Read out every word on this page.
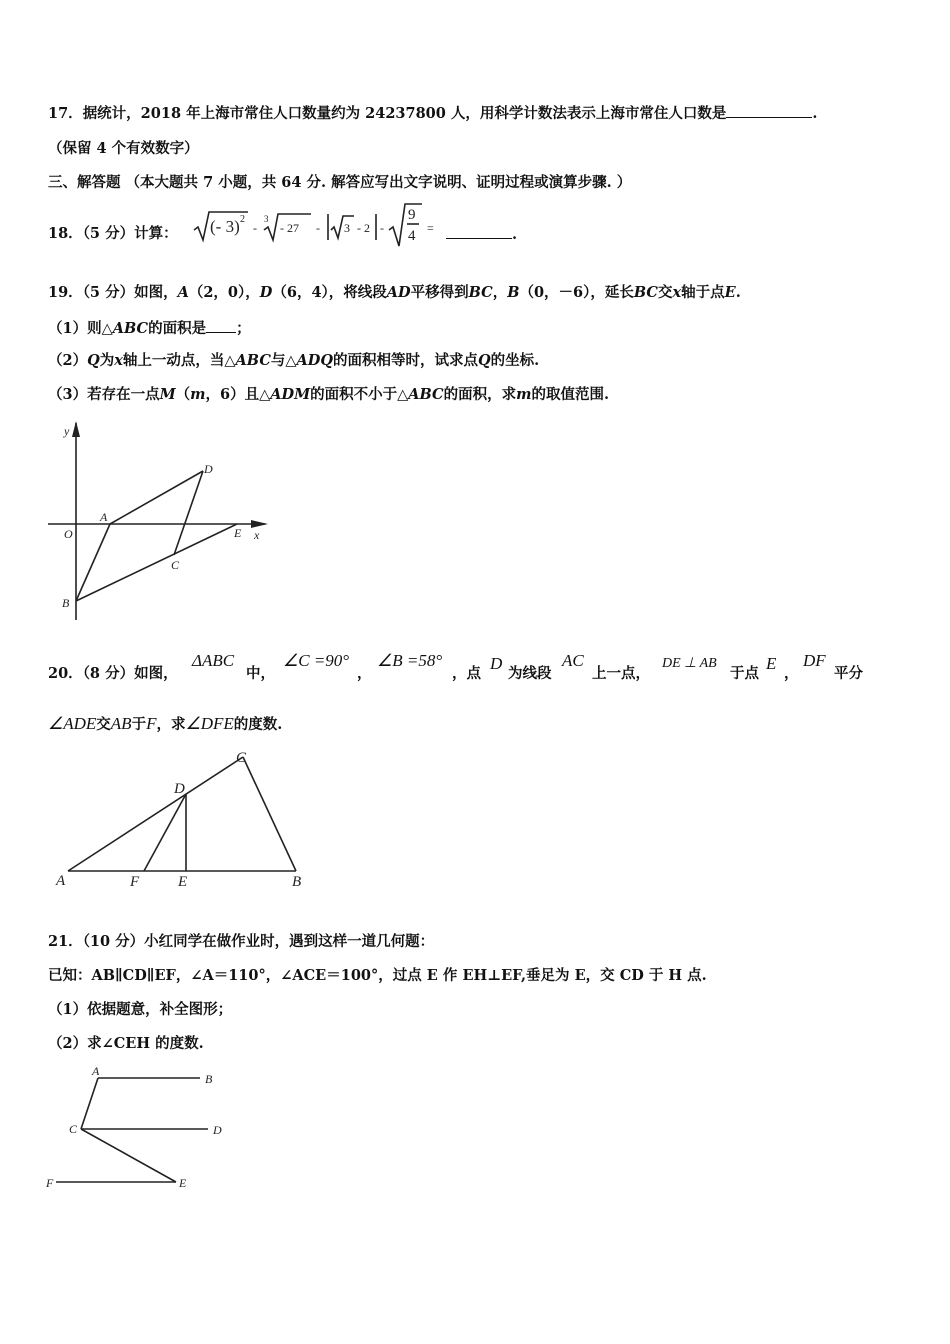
17．据统计，2018 年上海市常住人口数量约为 24237800 人，用科学计数法表示上海市常住人口数是	.
（保留 4 个有效数字）
三、解答题 （本大题共 7 小题，共 64 分. 解答应写出文字说明、证明过程或演算步骤. ）
18．（5 分）计算： (- 3) 2
-
3
- 27 - 3 - 2 -
9
4 =	.
19．（5 分）如图，A（2，0），D（6，4），将线段AD平移得到BC，B（0，－6），延长BC交x轴于点E.
（1）则△ABC的面积是 ；
（2）Q为x轴上一动点，当△ABC与△ADQ的面积相等时，试求点Q的坐标.
（3）若存在一点M（m，6）且△ADM的面积不小于△ABC的面积，求m的取值范围.
y
x
O
A
D
C
E
B
20．（8 分）如图，
ΔABC
中，
∠C =90°
，
∠B =58°
，点
D
为线段
AC
上一点，
DE ⊥ AB
于点
E
，
DF
平分
∠ADE交AB于F，求∠DFE的度数.
A	F	E	B
D
C
21．（10 分）小红同学在做作业时，遇到这样一道几何题：
已知：AB∥CD∥EF，∠A＝110°，∠ACE＝100°，过点 E 作 EH⊥EF,垂足为 E，交 CD 于 H 点.
（1）依据题意，补全图形；
（2）求∠CEH 的度数.
A
B
C	D
F	E
